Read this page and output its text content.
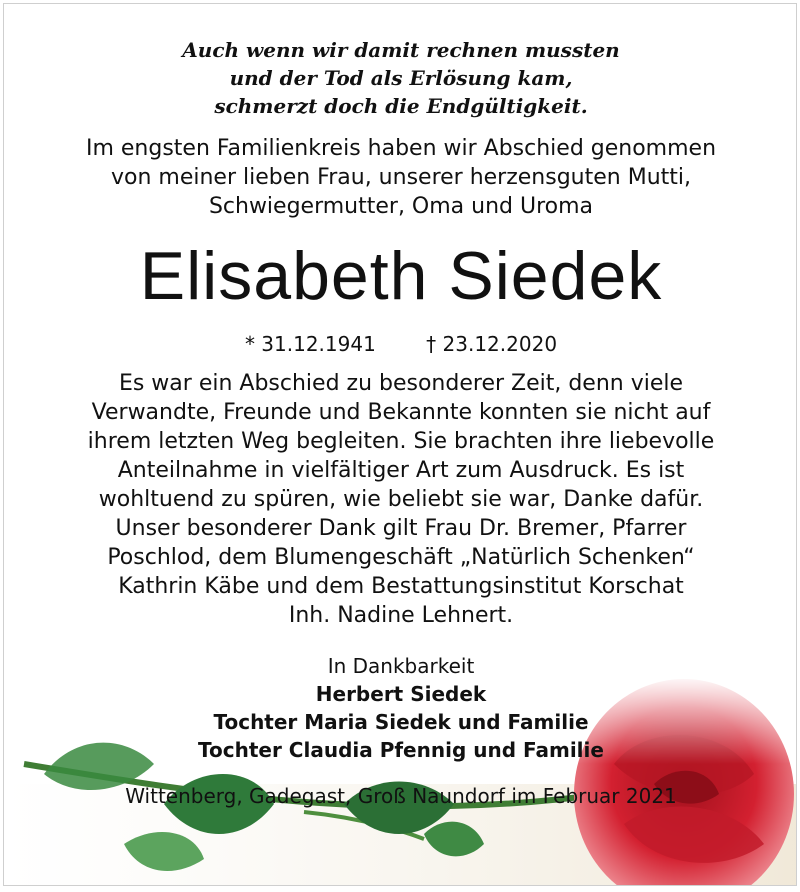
Auch wenn wir damit rechnen mussten
und der Tod als Erlösung kam,
schmerzt doch die Endgültigkeit.
Im engsten Familienkreis haben wir Abschied genommen
von meiner lieben Frau, unserer herzensguten Mutti,
Schwiegermutter, Oma und Uroma
Elisabeth Siedek
* 31.12.1941	† 23.12.2020
Es war ein Abschied zu besonderer Zeit, denn viele
Verwandte, Freunde und Bekannte konnten sie nicht auf
ihrem letzten Weg begleiten. Sie brachten ihre liebevolle
Anteilnahme in vielfältiger Art zum Ausdruck. Es ist
wohltuend zu spüren, wie beliebt sie war, Danke dafür.
Unser besonderer Dank gilt Frau Dr. Bremer, Pfarrer
Poschlod, dem Blumengeschäft „Natürlich Schenken“
Kathrin Käbe und dem Bestattungsinstitut Korschat
Inh. Nadine Lehnert.
In Dankbarkeit
Herbert Siedek
Tochter Maria Siedek und Familie
Tochter Claudia Pfennig und Familie
Wittenberg, Gadegast, Groß Naundorf im Februar 2021
